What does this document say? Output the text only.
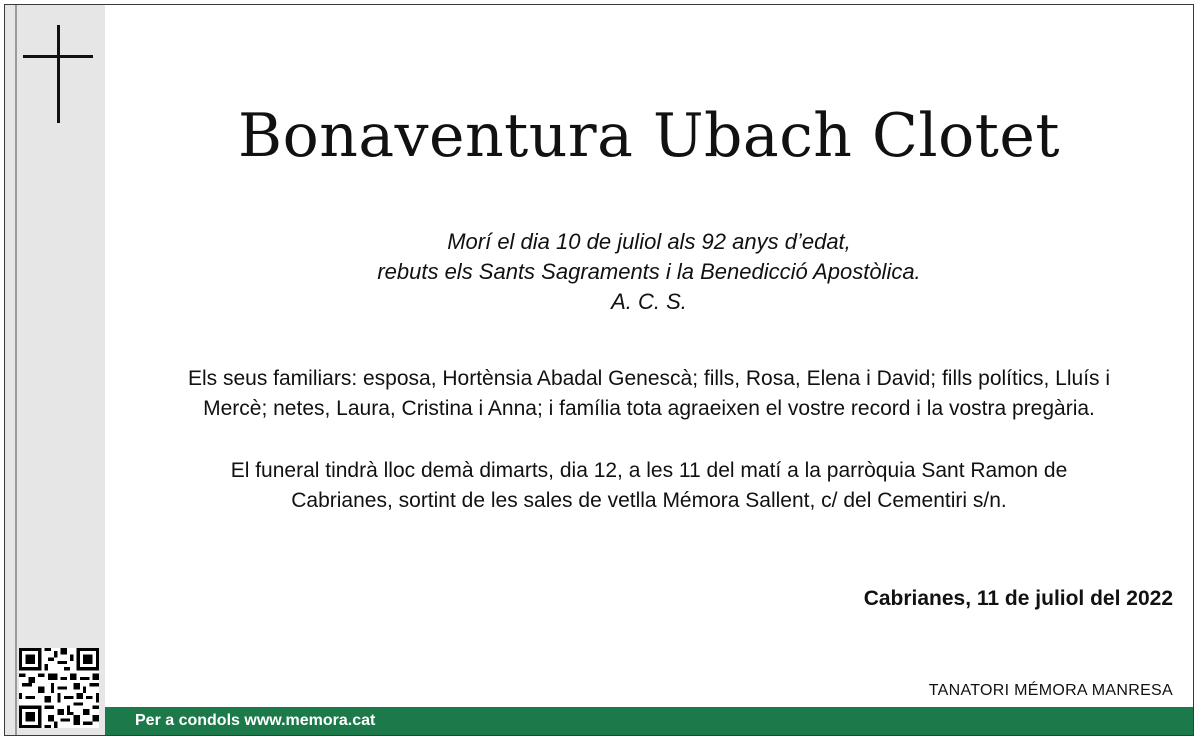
Bonaventura Ubach Clotet
Morí el dia 10 de juliol als 92 anys d’edat,
rebuts els Sants Sagraments i la Benedicció Apostòlica.
A. C. S.
Els seus familiars: esposa, Hortènsia Abadal Genescà; fills, Rosa, Elena i David; fills polítics, Lluís i
Mercè; netes, Laura, Cristina i Anna; i família tota agraeixen el vostre record i la vostra pregària.
El funeral tindrà lloc demà dimarts, dia 12, a les 11 del matí a la parròquia Sant Ramon de
Cabrianes, sortint de les sales de vetlla Mémora Sallent, c/ del Cementiri s/n.
Cabrianes, 11 de juliol del 2022
TANATORI MÉMORA MANRESA
Per a condols www.memora.cat
